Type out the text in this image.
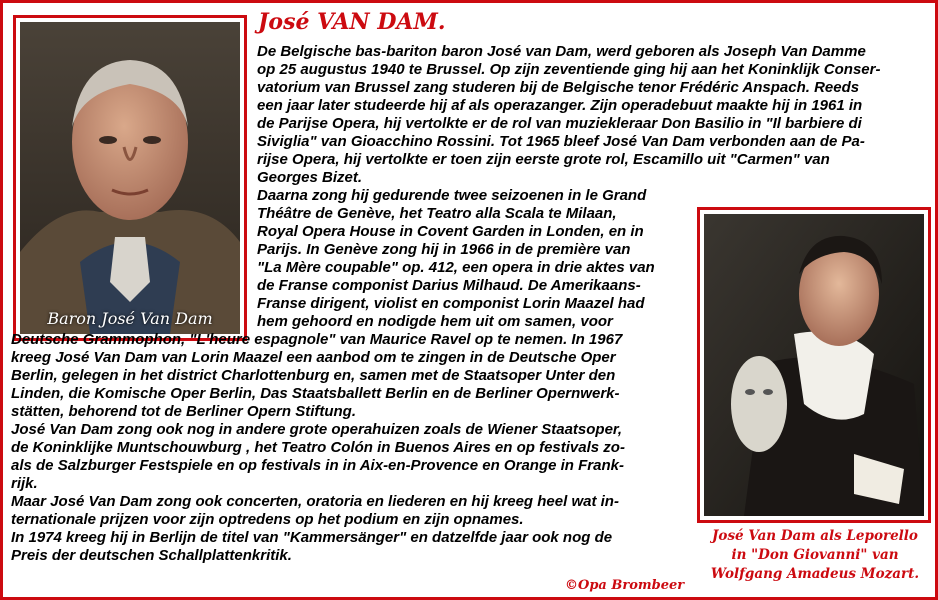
José VAN DAM.
Baron José Van Dam
José Van Dam als Leporello
in "Don Giovanni" van
Wolfgang Amadeus Mozart.
De Belgische bas-bariton baron José van Dam, werd geboren als Joseph Van Damme
op 25 augustus 1940 te Brussel. Op zijn zeventiende ging hij aan het Koninklijk Conser-
vatorium van Brussel zang studeren bij de Belgische tenor Frédéric Anspach. Reeds
een jaar later studeerde hij af als operazanger. Zijn operadebuut maakte hij in 1961 in
de Parijse Opera, hij vertolkte er de rol van muziekleraar Don Basilio in "Il barbiere di
Siviglia" van Gioacchino Rossini. Tot 1965 bleef José Van Dam verbonden aan de Pa-
rijse Opera, hij vertolkte er toen zijn eerste grote rol, Escamillo uit "Carmen" van
Georges Bizet.
Daarna zong hij gedurende twee seizoenen in le Grand
Théâtre de Genève, het Teatro alla Scala te Milaan,
Royal Opera House in Covent Garden in Londen, en in
Parijs. In Genève zong hij in 1966 in de première van
"La Mère coupable" op. 412, een opera in drie aktes van
de Franse componist Darius Milhaud. De Amerikaans-
Franse dirigent, violist en componist Lorin Maazel had
hem gehoord en nodigde hem uit om samen, voor
Deutsche Grammophon, "L'heure espagnole" van Maurice Ravel op te nemen. In 1967
kreeg José Van Dam van Lorin Maazel een aanbod om te zingen in de Deutsche Oper
Berlin, gelegen in het district Charlottenburg en, samen met de Staatsoper Unter den
Linden, die Komische Oper Berlin, Das Staatsballett Berlin en de Berliner Opernwerk-
stätten, behorend tot de Berliner Opern Stiftung.
José Van Dam zong ook nog in andere grote operahuizen zoals de Wiener Staatsoper,
de Koninklijke Muntschouwburg , het Teatro Colón in Buenos Aires en op festivals zo-
als de Salzburger Festspiele en op festivals in in Aix-en-Provence en Orange in Frank-
rijk.
Maar José Van Dam zong ook concerten, oratoria en liederen en hij kreeg heel wat in-
ternationale prijzen voor zijn optredens op het podium en zijn opnames.
In 1974 kreeg hij in Berlijn de titel van "Kammersänger" en datzelfde jaar ook nog de
Preis der deutschen Schallplattenkritik.
©Opa Brombeer
